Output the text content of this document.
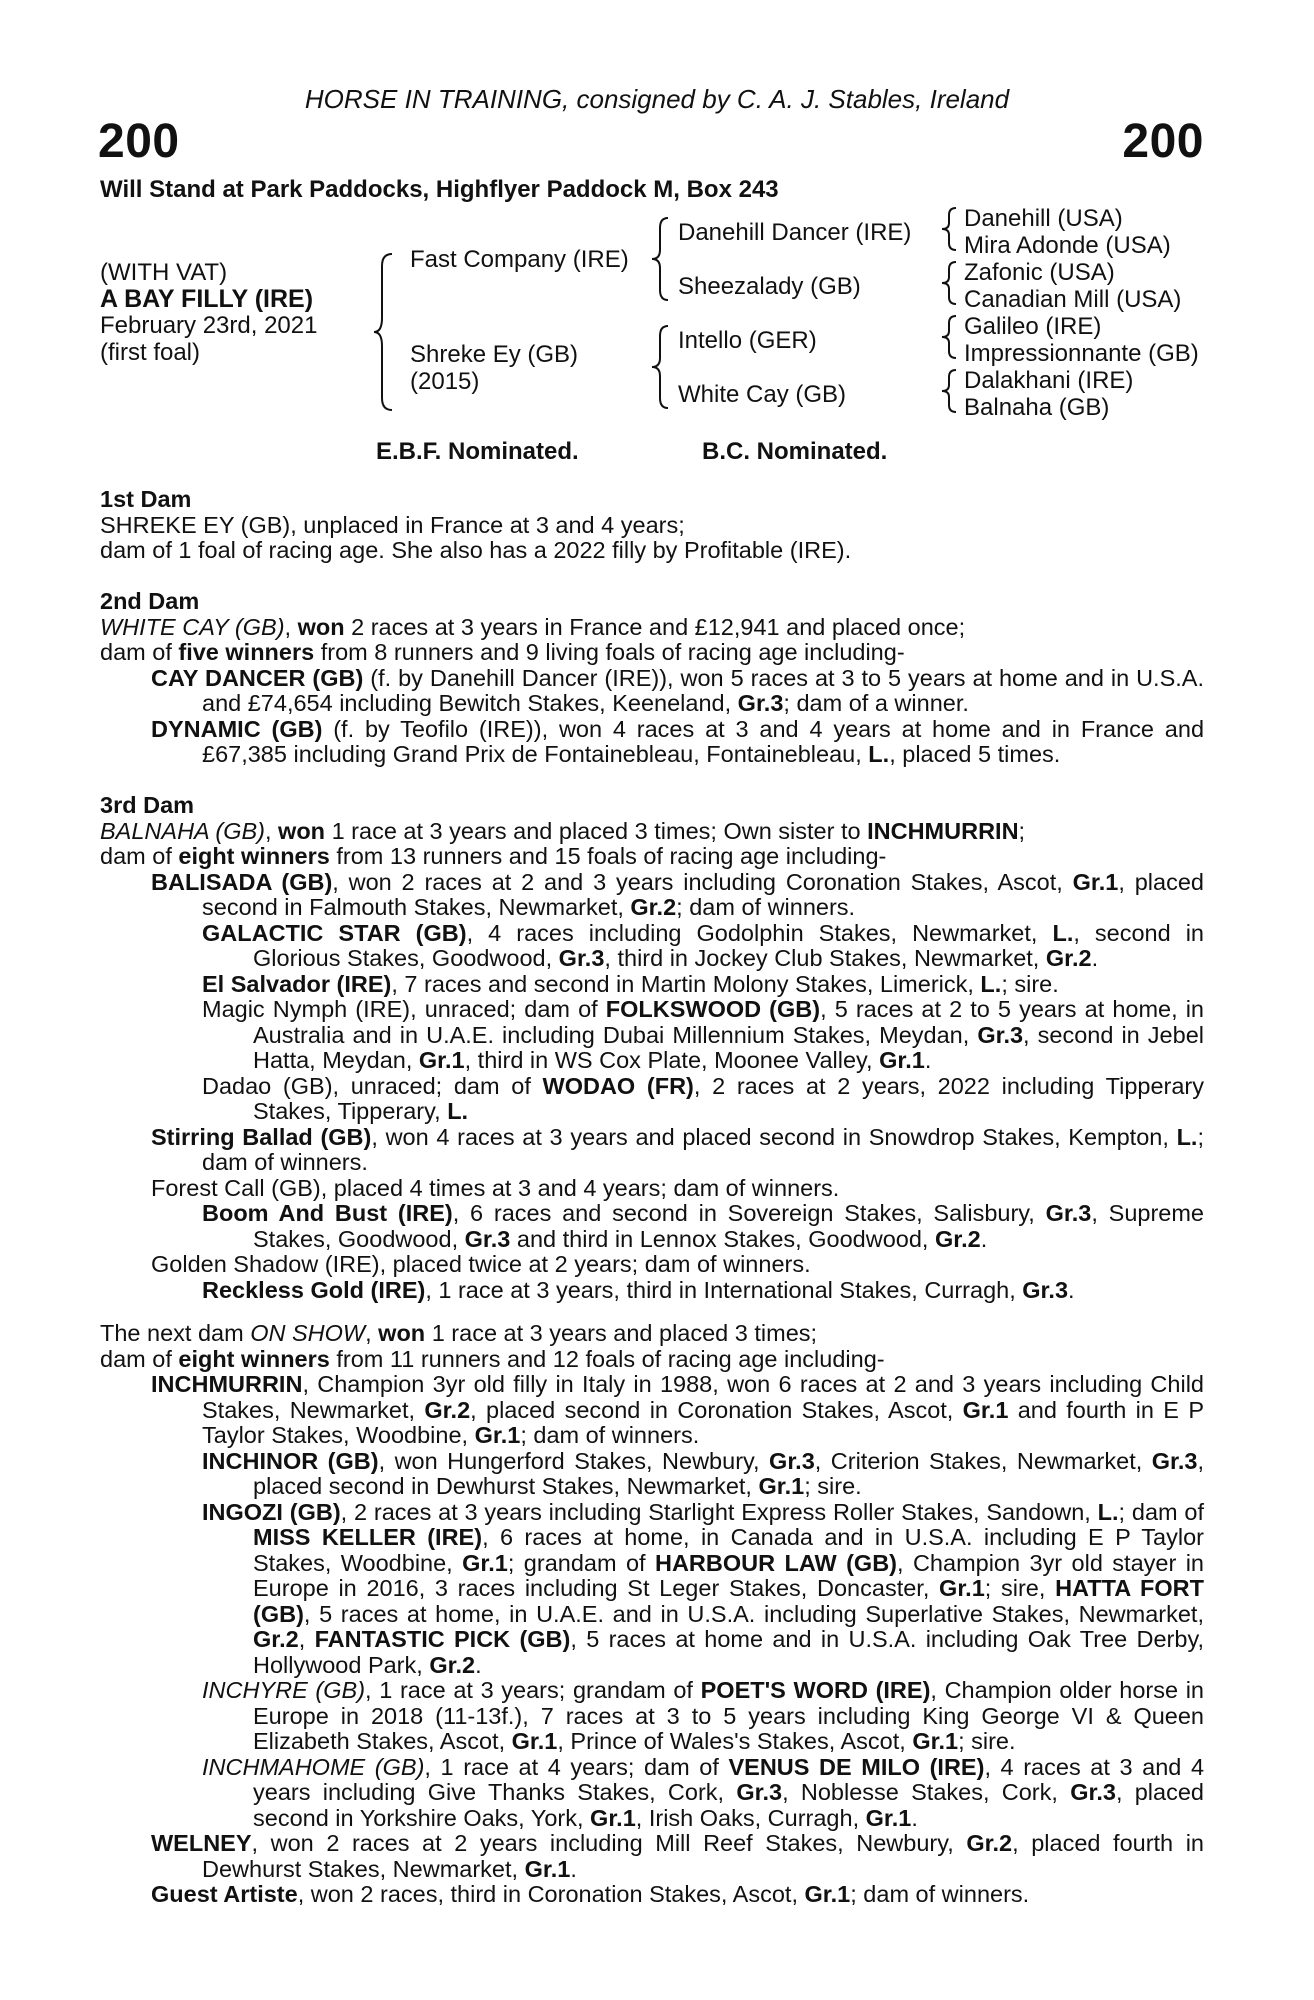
HORSE IN TRAINING, consigned by C. A. J. Stables, Ireland
200	200
Will Stand at Park Paddocks, Highflyer Paddock M, Box 243
(WITH VAT)
A BAY FILLY (IRE)
February 23rd, 2021
(first foal)
Fast Company (IRE)
Shreke Ey (GB)
(2015)
Danehill Dancer (IRE)
Sheezalady (GB)
Intello (GER)
White Cay (GB)
Danehill (USA)
Mira Adonde (USA)
Zafonic (USA)
Canadian Mill (USA)
Galileo (IRE)
Impressionnante (GB)
Dalakhani (IRE)
Balnaha (GB)
E.B.F. Nominated.	B.C. Nominated.

1st Dam

SHREKE EY (GB), unplaced in France at 3 and 4 years;

dam of 1 foal of racing age. She also has a 2022 filly by Profitable (IRE).

2nd Dam

WHITE CAY (GB), won 2 races at 3 years in France and £12,941 and placed once;

dam of five winners from 8 runners and 9 living foals of racing age including-

CAY DANCER (GB) (f. by Danehill Dancer (IRE)), won 5 races at 3 to 5 years at home and in U.S.A. and £74,654 including Bewitch Stakes, Keeneland, Gr.3; dam of a winner.

DYNAMIC (GB) (f. by Teofilo (IRE)), won 4 races at 3 and 4 years at home and in France and £67,385 including Grand Prix de Fontainebleau, Fontainebleau, L., placed 5 times.

3rd Dam

BALNAHA (GB), won 1 race at 3 years and placed 3 times; Own sister to INCHMURRIN;

dam of eight winners from 13 runners and 15 foals of racing age including-

BALISADA (GB), won 2 races at 2 and 3 years including Coronation Stakes, Ascot, Gr.1, placed second in Falmouth Stakes, Newmarket, Gr.2; dam of winners.

GALACTIC STAR (GB), 4 races including Godolphin Stakes, Newmarket, L., second in Glorious Stakes, Goodwood, Gr.3, third in Jockey Club Stakes, Newmarket, Gr.2.

El Salvador (IRE), 7 races and second in Martin Molony Stakes, Limerick, L.; sire.

Magic Nymph (IRE), unraced; dam of FOLKSWOOD (GB), 5 races at 2 to 5 years at home, in Australia and in U.A.E. including Dubai Millennium Stakes, Meydan, Gr.3, second in Jebel Hatta, Meydan, Gr.1, third in WS Cox Plate, Moonee Valley, Gr.1.

Dadao (GB), unraced; dam of WODAO (FR), 2 races at 2 years, 2022 including Tipperary Stakes, Tipperary, L.

Stirring Ballad (GB), won 4 races at 3 years and placed second in Snowdrop Stakes, Kempton, L.; dam of winners.

Forest Call (GB), placed 4 times at 3 and 4 years; dam of winners.

Boom And Bust (IRE), 6 races and second in Sovereign Stakes, Salisbury, Gr.3, Supreme Stakes, Goodwood, Gr.3 and third in Lennox Stakes, Goodwood, Gr.2.

Golden Shadow (IRE), placed twice at 2 years; dam of winners.

Reckless Gold (IRE), 1 race at 3 years, third in International Stakes, Curragh, Gr.3.

The next dam ON SHOW, won 1 race at 3 years and placed 3 times;

dam of eight winners from 11 runners and 12 foals of racing age including-

INCHMURRIN, Champion 3yr old filly in Italy in 1988, won 6 races at 2 and 3 years including Child Stakes, Newmarket, Gr.2, placed second in Coronation Stakes, Ascot, Gr.1 and fourth in E P Taylor Stakes, Woodbine, Gr.1; dam of winners.

INCHINOR (GB), won Hungerford Stakes, Newbury, Gr.3, Criterion Stakes, Newmarket, Gr.3, placed second in Dewhurst Stakes, Newmarket, Gr.1; sire.

INGOZI (GB), 2 races at 3 years including Starlight Express Roller Stakes, Sandown, L.; dam of MISS KELLER (IRE), 6 races at home, in Canada and in U.S.A. including E P Taylor Stakes, Woodbine, Gr.1; grandam of HARBOUR LAW (GB), Champion 3yr old stayer in Europe in 2016, 3 races including St Leger Stakes, Doncaster, Gr.1; sire, HATTA FORT (GB), 5 races at home, in U.A.E. and in U.S.A. including Superlative Stakes, Newmarket, Gr.2, FANTASTIC PICK (GB), 5 races at home and in U.S.A. including Oak Tree Derby, Hollywood Park, Gr.2.

INCHYRE (GB), 1 race at 3 years; grandam of POET'S WORD (IRE), Champion older horse in Europe in 2018 (11-13f.), 7 races at 3 to 5 years including King George VI & Queen Elizabeth Stakes, Ascot, Gr.1, Prince of Wales's Stakes, Ascot, Gr.1; sire.

INCHMAHOME (GB), 1 race at 4 years; dam of VENUS DE MILO (IRE), 4 races at 3 and 4 years including Give Thanks Stakes, Cork, Gr.3, Noblesse Stakes, Cork, Gr.3, placed second in Yorkshire Oaks, York, Gr.1, Irish Oaks, Curragh, Gr.1.

WELNEY, won 2 races at 2 years including Mill Reef Stakes, Newbury, Gr.2, placed fourth in Dewhurst Stakes, Newmarket, Gr.1.

Guest Artiste, won 2 races, third in Coronation Stakes, Ascot, Gr.1; dam of winners.
